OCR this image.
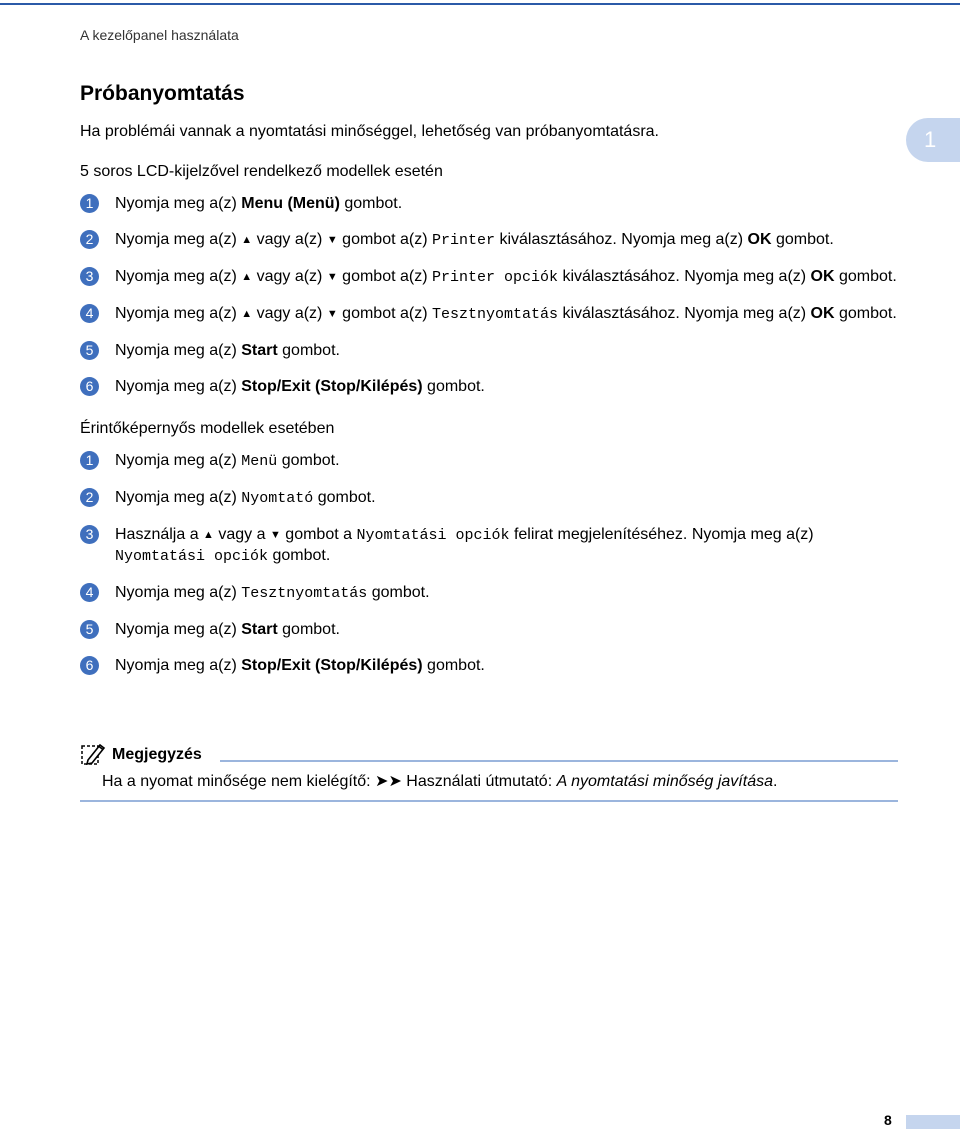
A kezelőpanel használata
1
Próbanyomtatás

Ha problémái vannak a nyomtatási minőséggel, lehetőség van próbanyomtatásra.

5 soros LCD-kijelzővel rendelkező modellek esetén
1	Nyomja meg a(z) Menu (Menü) gombot.
2	Nyomja meg a(z) ▲ vagy a(z) ▼ gombot a(z) Printer kiválasztásához. Nyomja meg a(z) OK gombot.
3	Nyomja meg a(z) ▲ vagy a(z) ▼ gombot a(z) Printer opciók kiválasztásához. Nyomja meg a(z) OK gombot.
4	Nyomja meg a(z) ▲ vagy a(z) ▼ gombot a(z) Tesztnyomtatás kiválasztásához. Nyomja meg a(z) OK gombot.
5	Nyomja meg a(z) Start gombot.
6	Nyomja meg a(z) Stop/Exit (Stop/Kilépés) gombot.
Érintőképernyős modellek esetében
1	Nyomja meg a(z) Menü gombot.
2	Nyomja meg a(z) Nyomtató gombot.
3	Használja a ▲ vagy a ▼ gombot a Nyomtatási opciók felirat megjelenítéséhez. Nyomja meg a(z) Nyomtatási opciók gombot.
4	Nyomja meg a(z) Tesztnyomtatás gombot.
5	Nyomja meg a(z) Start gombot.
6	Nyomja meg a(z) Stop/Exit (Stop/Kilépés) gombot.
Megjegyzés
Ha a nyomat minősége nem kielégítő: ➤➤ Használati útmutató: A nyomtatási minőség javítása.
8
